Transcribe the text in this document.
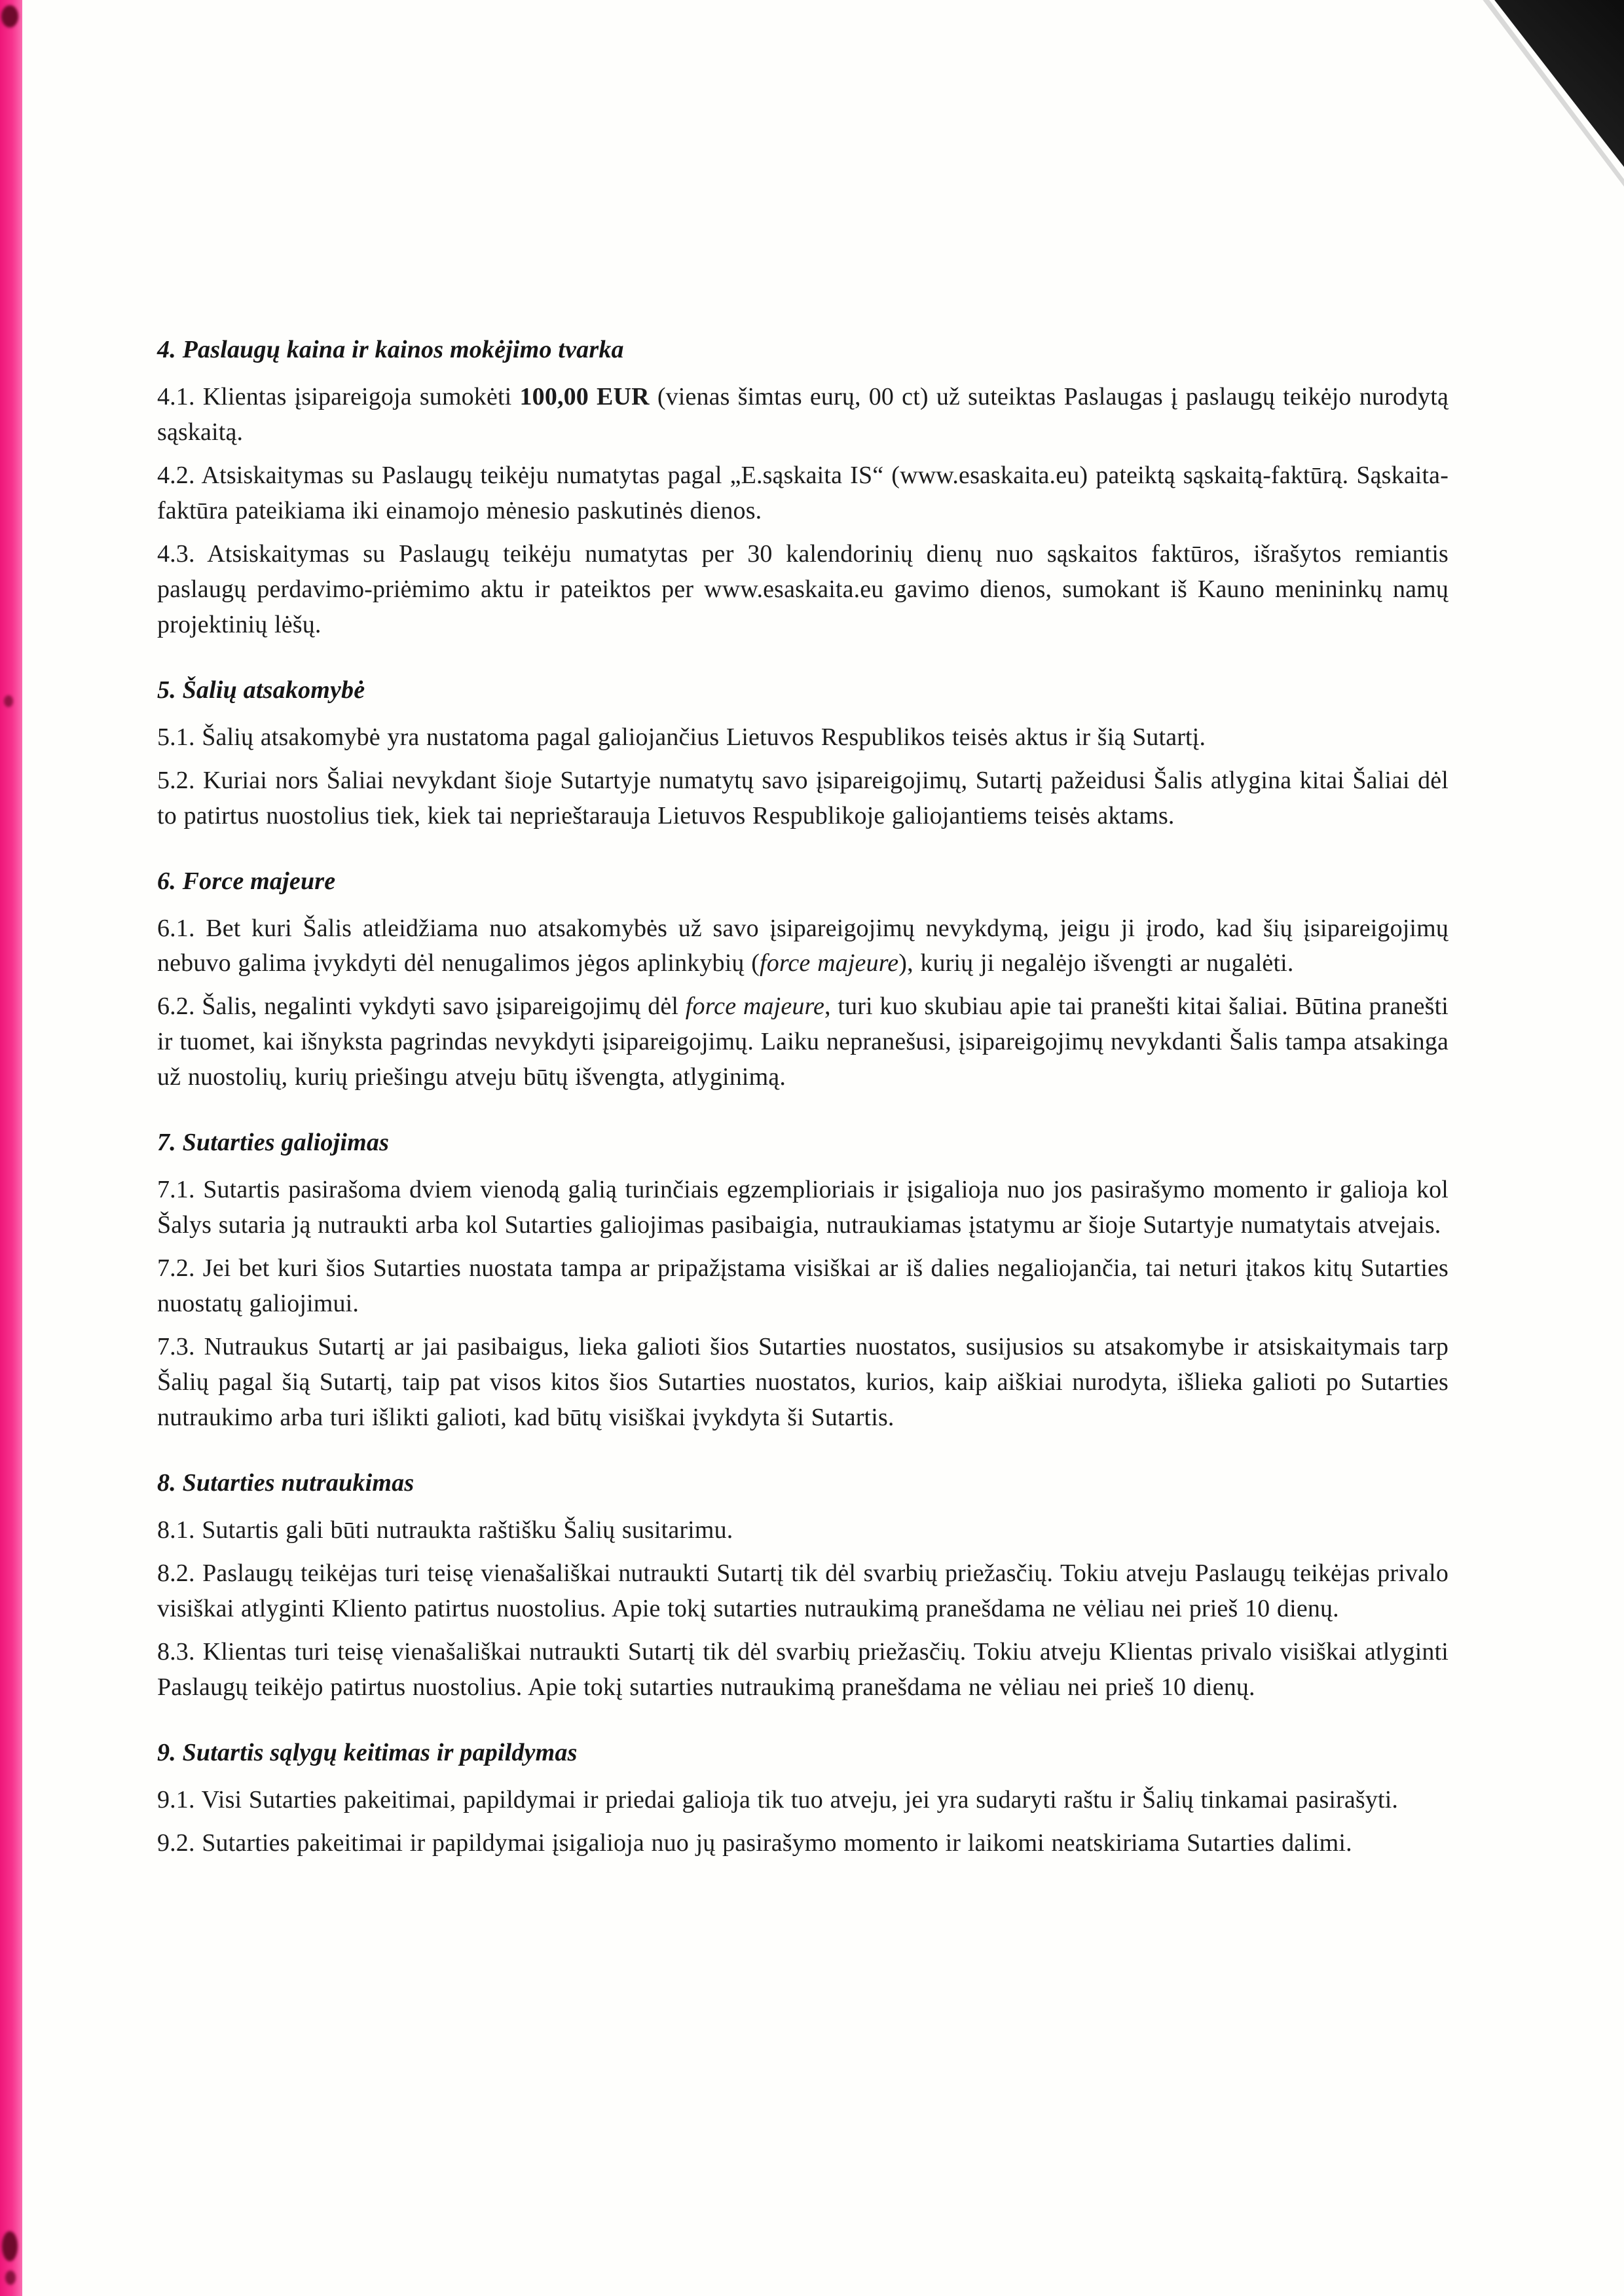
4. Paslaugų kaina ir kainos mokėjimo tvarka

4.1. Klientas įsipareigoja sumokėti 100,00 EUR (vienas šimtas eurų, 00 ct) už suteiktas Paslaugas į paslaugų teikėjo nurodytą sąskaitą.

4.2. Atsiskaitymas su Paslaugų teikėju numatytas pagal „E.sąskaita IS“ (www.esaskaita.eu) pateiktą sąskaitą-faktūrą. Sąskaita-faktūra pateikiama iki einamojo mėnesio paskutinės dienos.

4.3. Atsiskaitymas su Paslaugų teikėju numatytas per 30 kalendorinių dienų nuo sąskaitos faktūros, išrašytos remiantis paslaugų perdavimo-priėmimo aktu ir pateiktos per www.esaskaita.eu gavimo dienos, sumokant iš Kauno menininkų namų projektinių lėšų.

5. Šalių atsakomybė

5.1. Šalių atsakomybė yra nustatoma pagal galiojančius Lietuvos Respublikos teisės aktus ir šią Sutartį.

5.2. Kuriai nors Šaliai nevykdant šioje Sutartyje numatytų savo įsipareigojimų, Sutartį pažeidusi Šalis atlygina kitai Šaliai dėl to patirtus nuostolius tiek, kiek tai neprieštarauja Lietuvos Respublikoje galiojantiems teisės aktams.

6. Force majeure

6.1. Bet kuri Šalis atleidžiama nuo atsakomybės už savo įsipareigojimų nevykdymą, jeigu ji įrodo, kad šių įsipareigojimų nebuvo galima įvykdyti dėl nenugalimos jėgos aplinkybių (force majeure), kurių ji negalėjo išvengti ar nugalėti.

6.2. Šalis, negalinti vykdyti savo įsipareigojimų dėl force majeure, turi kuo skubiau apie tai pranešti kitai šaliai. Būtina pranešti ir tuomet, kai išnyksta pagrindas nevykdyti įsipareigojimų. Laiku nepranešusi, įsipareigojimų nevykdanti Šalis tampa atsakinga už nuostolių, kurių priešingu atveju būtų išvengta, atlyginimą.

7. Sutarties galiojimas

7.1. Sutartis pasirašoma dviem vienodą galią turinčiais egzemplioriais ir įsigalioja nuo jos pasirašymo momento ir galioja kol Šalys sutaria ją nutraukti arba kol Sutarties galiojimas pasibaigia, nutraukiamas įstatymu ar šioje Sutartyje numatytais atvejais.

7.2. Jei bet kuri šios Sutarties nuostata tampa ar pripažįstama visiškai ar iš dalies negaliojančia, tai neturi įtakos kitų Sutarties nuostatų galiojimui.

7.3. Nutraukus Sutartį ar jai pasibaigus, lieka galioti šios Sutarties nuostatos, susijusios su atsakomybe ir atsiskaitymais tarp Šalių pagal šią Sutartį, taip pat visos kitos šios Sutarties nuostatos, kurios, kaip aiškiai nurodyta, išlieka galioti po Sutarties nutraukimo arba turi išlikti galioti, kad būtų visiškai įvykdyta ši Sutartis.

8. Sutarties nutraukimas

8.1. Sutartis gali būti nutraukta raštišku Šalių susitarimu.

8.2. Paslaugų teikėjas turi teisę vienašališkai nutraukti Sutartį tik dėl svarbių priežasčių. Tokiu atveju Paslaugų teikėjas privalo visiškai atlyginti Kliento patirtus nuostolius. Apie tokį sutarties nutraukimą pranešdama ne vėliau nei prieš 10 dienų.

8.3. Klientas turi teisę vienašališkai nutraukti Sutartį tik dėl svarbių priežasčių. Tokiu atveju Klientas privalo visiškai atlyginti Paslaugų teikėjo patirtus nuostolius. Apie tokį sutarties nutraukimą pranešdama ne vėliau nei prieš 10 dienų.

9. Sutartis sąlygų keitimas ir papildymas

9.1. Visi Sutarties pakeitimai, papildymai ir priedai galioja tik tuo atveju, jei yra sudaryti raštu ir Šalių tinkamai pasirašyti.

9.2. Sutarties pakeitimai ir papildymai įsigalioja nuo jų pasirašymo momento ir laikomi neatskiriama Sutarties dalimi.
